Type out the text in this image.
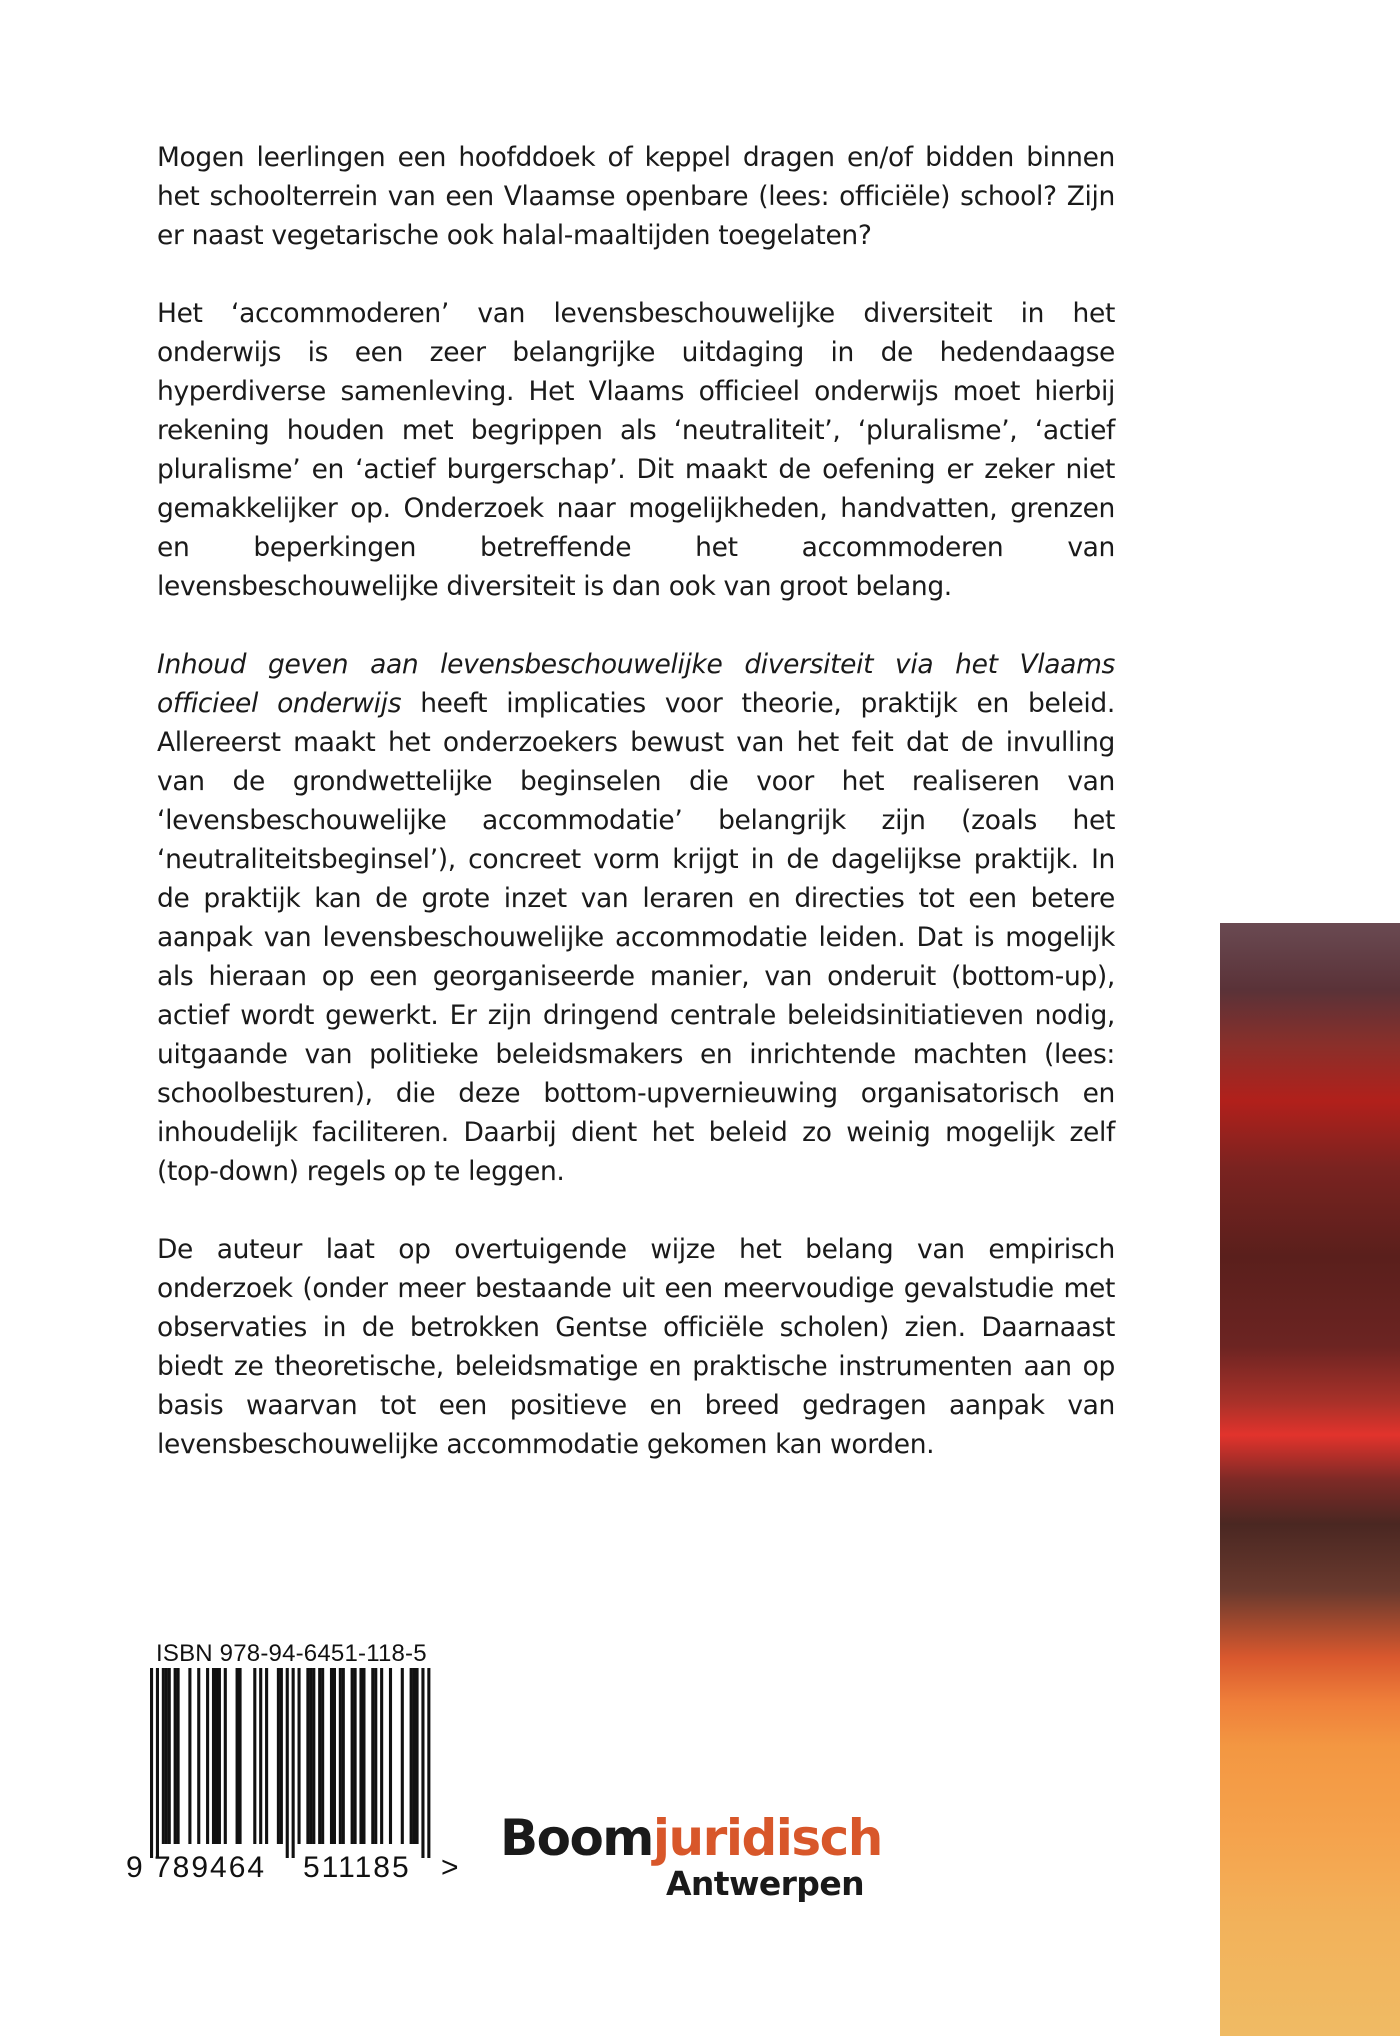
Mogen leerlingen een hoofddoek of keppel dragen en/of bidden binnen het schoolterrein van een Vlaamse openbare (lees: officiële) school? Zijn er naast vegetarische ook halal-maaltijden toegelaten?

Het ‘accommoderen’ van levensbeschouwelijke diversiteit in het onderwijs is een zeer belangrijke uitdaging in de hedendaagse hyperdiverse samenleving. Het Vlaams officieel onderwijs moet hierbij rekening houden met begrippen als ‘neutraliteit’, ‘pluralisme’, ‘actief pluralisme’ en ‘actief burgerschap’. Dit maakt de oefening er zeker niet gemakkelijker op. Onderzoek naar mogelijkheden, handvatten, grenzen en beperkingen betreffende het accommoderen van levensbeschouwelijke diversiteit is dan ook van groot belang.

Inhoud geven aan levensbeschouwelijke diversiteit via het Vlaams officieel onderwijs heeft implicaties voor theorie, praktijk en beleid. Allereerst maakt het onderzoekers bewust van het feit dat de invulling van de grondwettelijke beginselen die voor het realiseren van ‘levensbeschouwelijke accommodatie’ belangrijk zijn (zoals het ‘neutraliteitsbeginsel’), concreet vorm krijgt in de dagelijkse praktijk. In de praktijk kan de grote inzet van leraren en directies tot een betere aanpak van levensbeschouwelijke accommodatie leiden. Dat is mogelijk als hieraan op een georganiseerde manier, van onderuit (bottom-up), actief wordt gewerkt. Er zijn dringend centrale beleidsinitiatieven nodig, uitgaande van politieke beleidsmakers en inrichtende machten (lees: schoolbesturen), die deze bottom-upvernieuwing organisatorisch en inhoudelijk faciliteren. Daarbij dient het beleid zo weinig mogelijk zelf (top-down) regels op te leggen.

De auteur laat op overtuigende wijze het belang van empirisch onderzoek (onder meer bestaande uit een meervoudige gevalstudie met observaties in de betrokken Gentse officiële scholen) zien. Daarnaast biedt ze theoretische, beleidsmatige en praktische instrumenten aan op basis waarvan tot een positieve en breed gedragen aanpak van levensbeschouwelijke accommodatie gekomen kan worden.

ISBN 978-94-6451-118-5
9 789464 511185 >
Boomjuridisch
Antwerpen
